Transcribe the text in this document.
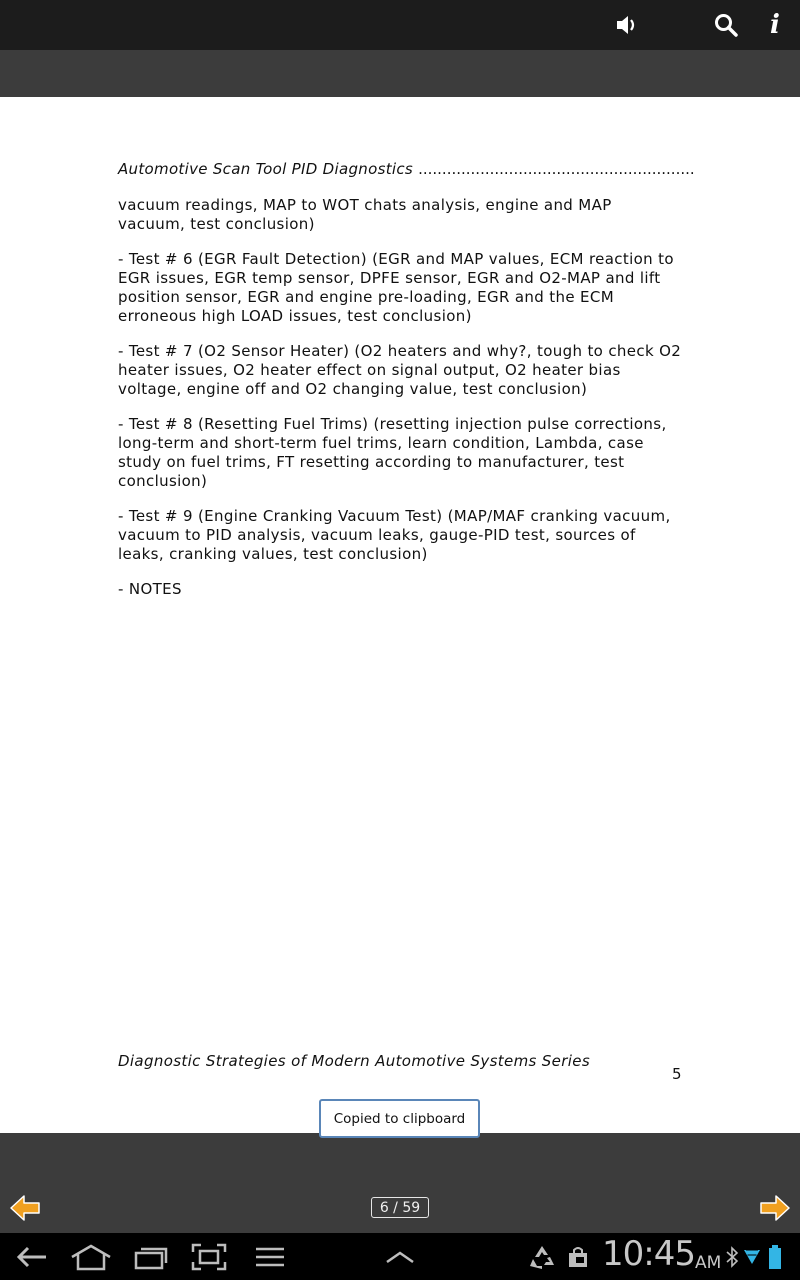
i
Automotive Scan Tool PID Diagnostics ..........................................................

vacuum readings, MAP to WOT chats analysis, engine and MAP vacuum, test conclusion)

- Test # 6 (EGR Fault Detection) (EGR and MAP values, ECM reaction to EGR issues, EGR temp sensor, DPFE sensor, EGR and O2-MAP and lift position sensor, EGR and engine pre-loading, EGR and the ECM erroneous high LOAD issues, test conclusion)

- Test # 7 (O2 Sensor Heater) (O2 heaters and why?, tough to check O2 heater issues, O2 heater effect on signal output, O2 heater bias voltage, engine off and O2 changing value, test conclusion)

- Test # 8 (Resetting Fuel Trims) (resetting injection pulse corrections, long-term and short-term fuel trims, learn condition, Lambda, case study on fuel trims, FT resetting according to manufacturer, test conclusion)

- Test # 9 (Engine Cranking Vacuum Test) (MAP/MAF cranking vacuum, vacuum to PID analysis, vacuum leaks, gauge-PID test, sources of leaks, cranking values, test conclusion)

- NOTES

Diagnostic Strategies of Modern Automotive Systems Series
5
Copied to clipboard
6 / 59
10:45 AM
